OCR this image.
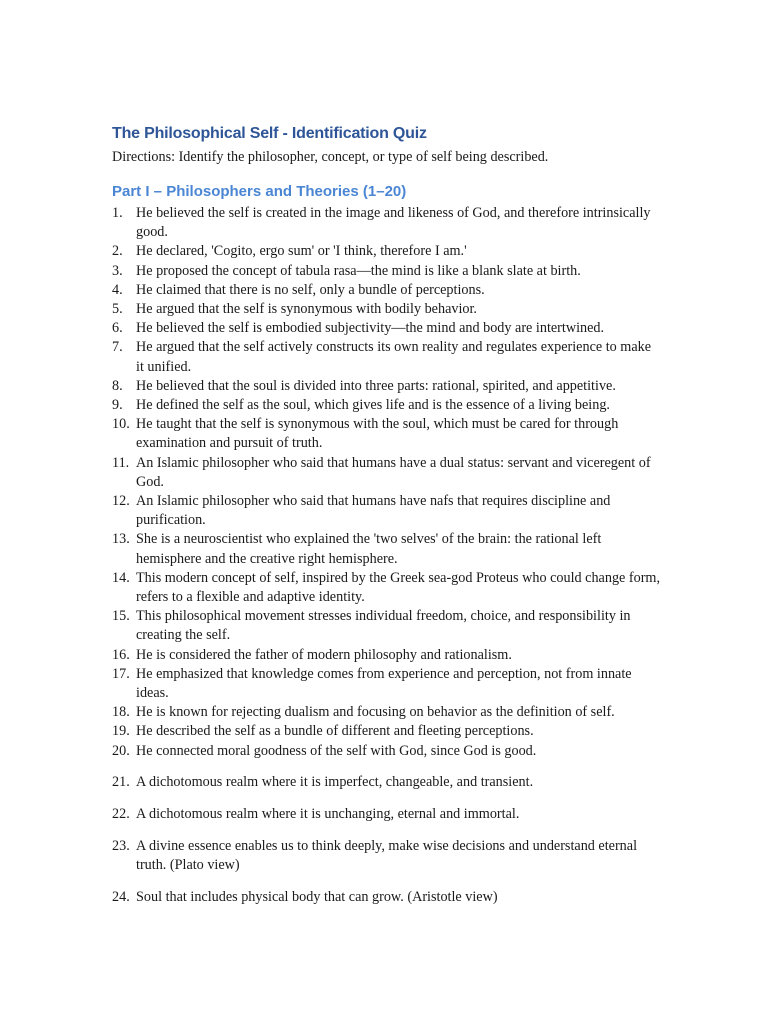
The Philosophical Self - Identification Quiz

Directions: Identify the philosopher, concept, or type of self being described.

Part I – Philosophers and Theories (1–20)
1. He believed the self is created in the image and likeness of God, and therefore intrinsically good.
2. He declared, 'Cogito, ergo sum' or 'I think, therefore I am.'
3. He proposed the concept of tabula rasa—the mind is like a blank slate at birth.
4. He claimed that there is no self, only a bundle of perceptions.
5. He argued that the self is synonymous with bodily behavior.
6. He believed the self is embodied subjectivity—the mind and body are intertwined.
7. He argued that the self actively constructs its own reality and regulates experience to make it unified.
8. He believed that the soul is divided into three parts: rational, spirited, and appetitive.
9. He defined the self as the soul, which gives life and is the essence of a living being.
10. He taught that the self is synonymous with the soul, which must be cared for through examination and pursuit of truth.
11. An Islamic philosopher who said that humans have a dual status: servant and viceregent of God.
12. An Islamic philosopher who said that humans have nafs that requires discipline and purification.
13. She is a neuroscientist who explained the 'two selves' of the brain: the rational left hemisphere and the creative right hemisphere.
14. This modern concept of self, inspired by the Greek sea-god Proteus who could change form, refers to a flexible and adaptive identity.
15. This philosophical movement stresses individual freedom, choice, and responsibility in creating the self.
16. He is considered the father of modern philosophy and rationalism.
17. He emphasized that knowledge comes from experience and perception, not from innate ideas.
18. He is known for rejecting dualism and focusing on behavior as the definition of self.
19. He described the self as a bundle of different and fleeting perceptions.
20. He connected moral goodness of the self with God, since God is good.
21. A dichotomous realm where it is imperfect, changeable, and transient.
22. A dichotomous realm where it is unchanging, eternal and immortal.
23. A divine essence enables us to think deeply, make wise decisions and understand eternal truth. (Plato view)
24. Soul that includes physical body that can grow. (Aristotle view)
